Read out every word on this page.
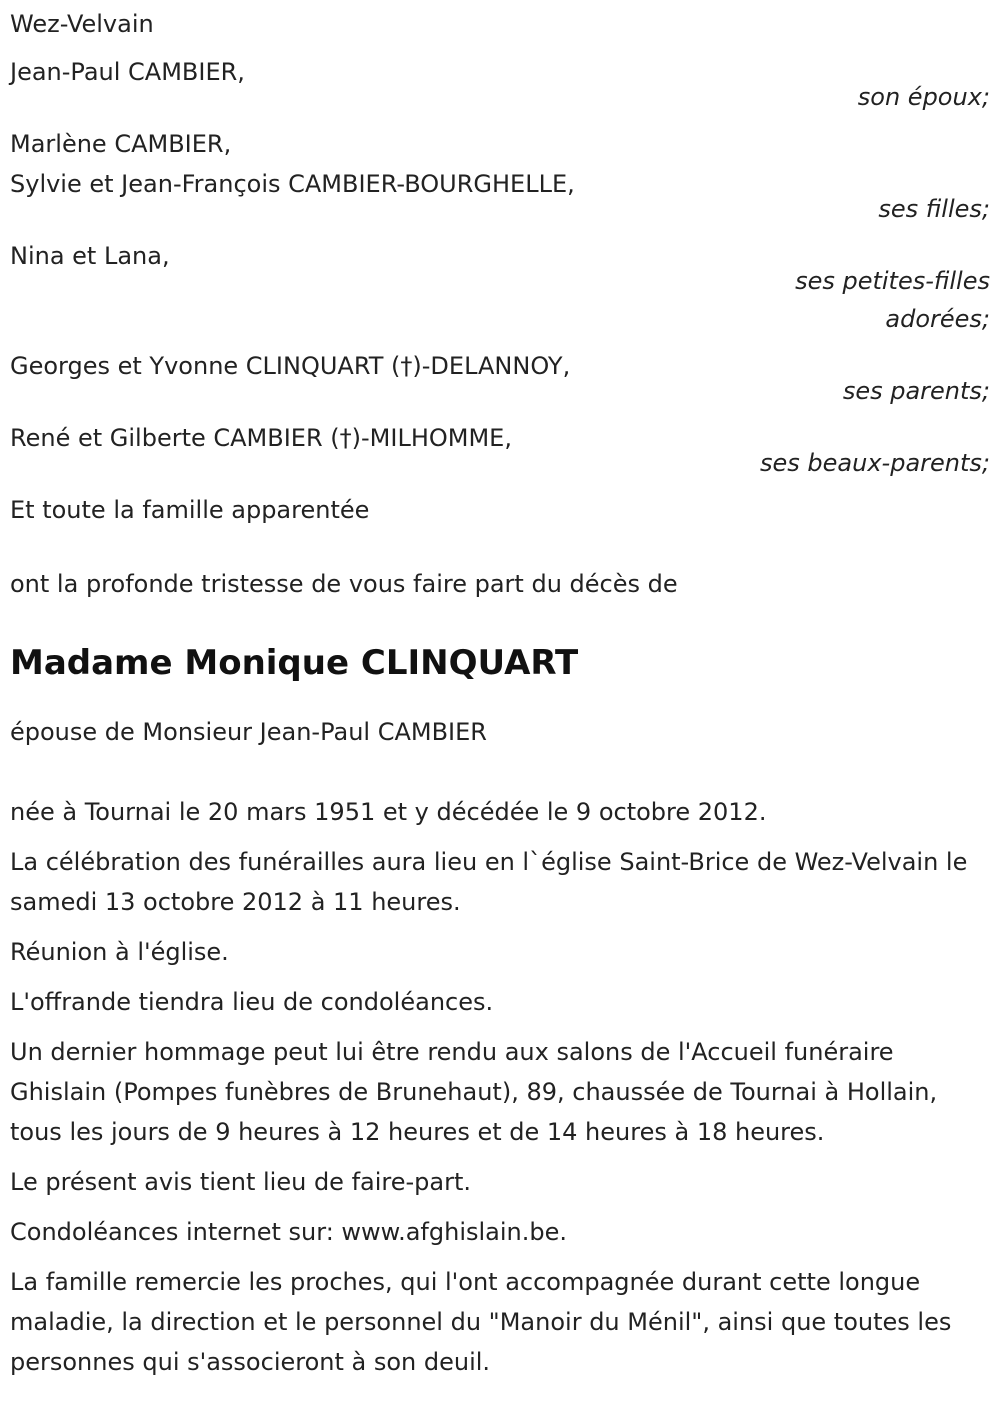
Wez-Velvain
Jean-Paul CAMBIER,
son époux;
Marlène CAMBIER,
Sylvie et Jean-François CAMBIER-BOURGHELLE,
ses filles;
Nina et Lana,
ses petites-filles
adorées;
Georges et Yvonne CLINQUART (†)-DELANNOY,
ses parents;
René et Gilberte CAMBIER (†)-MILHOMME,
ses beaux-parents;
Et toute la famille apparentée
ont la profonde tristesse de vous faire part du décès de
Madame Monique CLINQUART
épouse de Monsieur Jean-Paul CAMBIER
née à Tournai le 20 mars 1951 et y décédée le 9 octobre 2012.
La célébration des funérailles aura lieu en l`église Saint-Brice de Wez-Velvain le samedi 13 octobre 2012 à 11 heures.
Réunion à l'église.
L'offrande tiendra lieu de condoléances.
Un dernier hommage peut lui être rendu aux salons de l'Accueil funéraire Ghislain (Pompes funèbres de Brunehaut), 89, chaussée de Tournai à Hollain, tous les jours de 9 heures à 12 heures et de 14 heures à 18 heures.
Le présent avis tient lieu de faire-part.
Condoléances internet sur: www.afghislain.be.
La famille remercie les proches, qui l'ont accompagnée durant cette longue maladie, la direction et le personnel du "Manoir du Ménil", ainsi que toutes les personnes qui s'associeront à son deuil.
